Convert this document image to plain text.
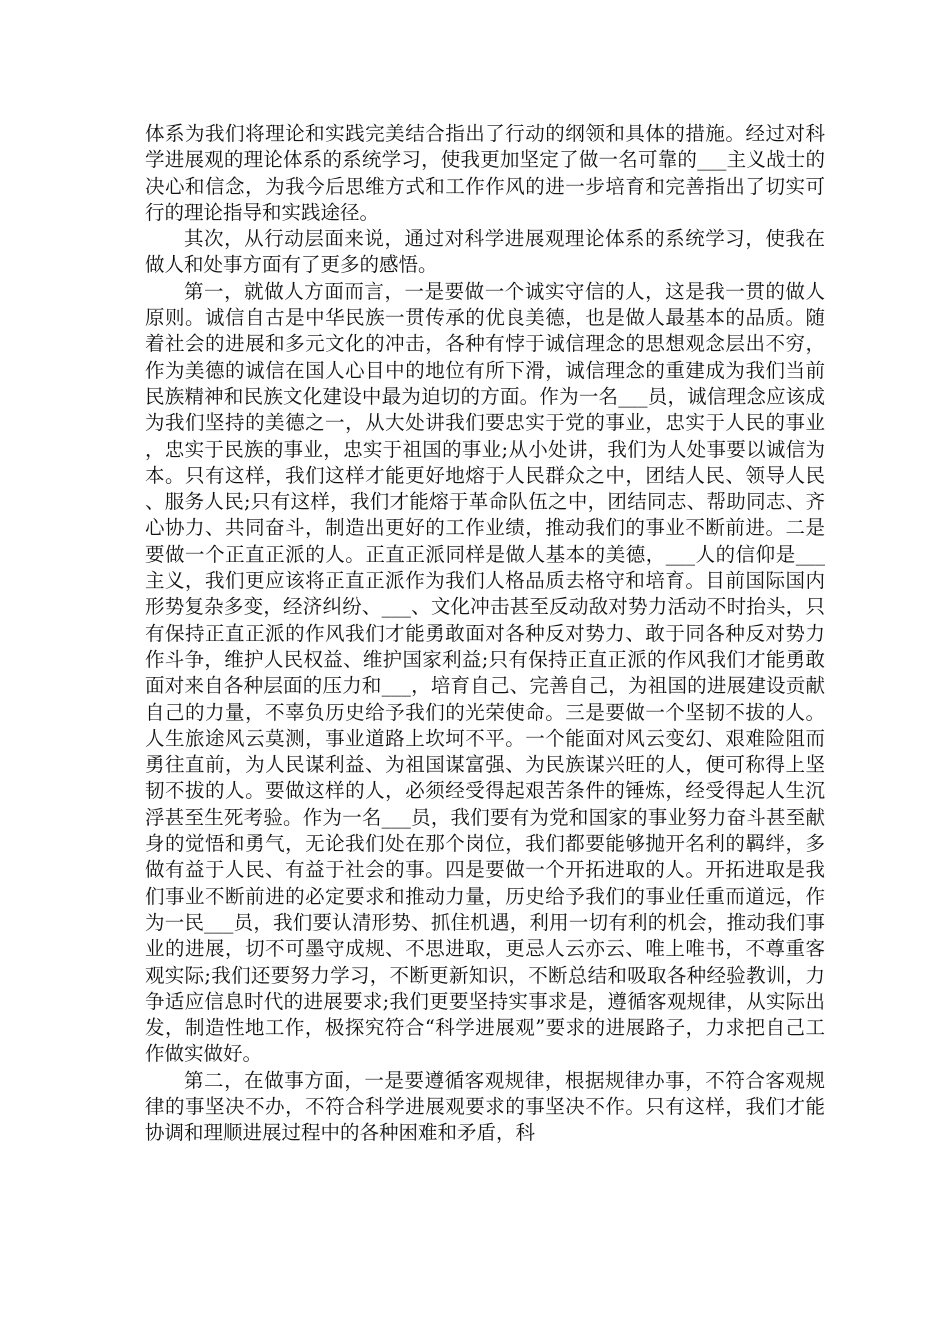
体系为我们将理论和实践完美结合指出了行动的纲领和具体的措施。经过对科学进展观的理论体系的系统学习，使我更加坚定了做一名可靠的___主义战士的决心和信念，为我今后思维方式和工作作风的进一步培育和完善指出了切实可行的理论指导和实践途径。

其次，从行动层面来说，通过对科学进展观理论体系的系统学习，使我在做人和处事方面有了更多的感悟。

第一，就做人方面而言，一是要做一个诚实守信的人，这是我一贯的做人原则。诚信自古是中华民族一贯传承的优良美德，也是做人最基本的品质。随着社会的进展和多元文化的冲击，各种有悖于诚信理念的思想观念层出不穷，作为美德的诚信在国人心目中的地位有所下滑，诚信理念的重建成为我们当前民族精神和民族文化建设中最为迫切的方面。作为一名___员，诚信理念应该成为我们坚持的美德之一，从大处讲我们要忠实于党的事业，忠实于人民的事业，忠实于民族的事业，忠实于祖国的事业;从小处讲，我们为人处事要以诚信为本。只有这样，我们这样才能更好地熔于人民群众之中，团结人民、领导人民、服务人民;只有这样，我们才能熔于革命队伍之中，团结同志、帮助同志、齐心协力、共同奋斗，制造出更好的工作业绩，推动我们的事业不断前进。二是要做一个正直正派的人。正直正派同样是做人基本的美德，___人的信仰是___主义，我们更应该将正直正派作为我们人格品质去格守和培育。目前国际国内形势复杂多变，经济纠纷、___、文化冲击甚至反动敌对势力活动不时抬头，只有保持正直正派的作风我们才能勇敢面对各种反对势力、敢于同各种反对势力作斗争，维护人民权益、维护国家利益;只有保持正直正派的作风我们才能勇敢面对来自各种层面的压力和___，培育自己、完善自己，为祖国的进展建设贡献自己的力量，不辜负历史给予我们的光荣使命。三是要做一个坚韧不拔的人。人生旅途风云莫测，事业道路上坎坷不平。一个能面对风云变幻、艰难险阻而勇往直前，为人民谋利益、为祖国谋富强、为民族谋兴旺的人，便可称得上坚韧不拔的人。要做这样的人，必须经受得起艰苦条件的锤炼，经受得起人生沉浮甚至生死考验。作为一名___员，我们要有为党和国家的事业努力奋斗甚至献身的觉悟和勇气，无论我们处在那个岗位，我们都要能够抛开名利的羁绊，多做有益于人民、有益于社会的事。四是要做一个开拓进取的人。开拓进取是我们事业不断前进的必定要求和推动力量，历史给予我们的事业任重而道远，作为一民___员，我们要认清形势、抓住机遇，利用一切有利的机会，推动我们事业的进展，切不可墨守成规、不思进取，更忌人云亦云、唯上唯书，不尊重客观实际;我们还要努力学习，不断更新知识，不断总结和吸取各种经验教训，力争适应信息时代的进展要求;我们更要坚持实事求是，遵循客观规律，从实际出发，制造性地工作，极探究符合“科学进展观”要求的进展路子，力求把自己工作做实做好。

第二，在做事方面，一是要遵循客观规律，根据规律办事，不符合客观规律的事坚决不办，不符合科学进展观要求的事坚决不作。只有这样，我们才能协调和理顺进展过程中的各种困难和矛盾，科
